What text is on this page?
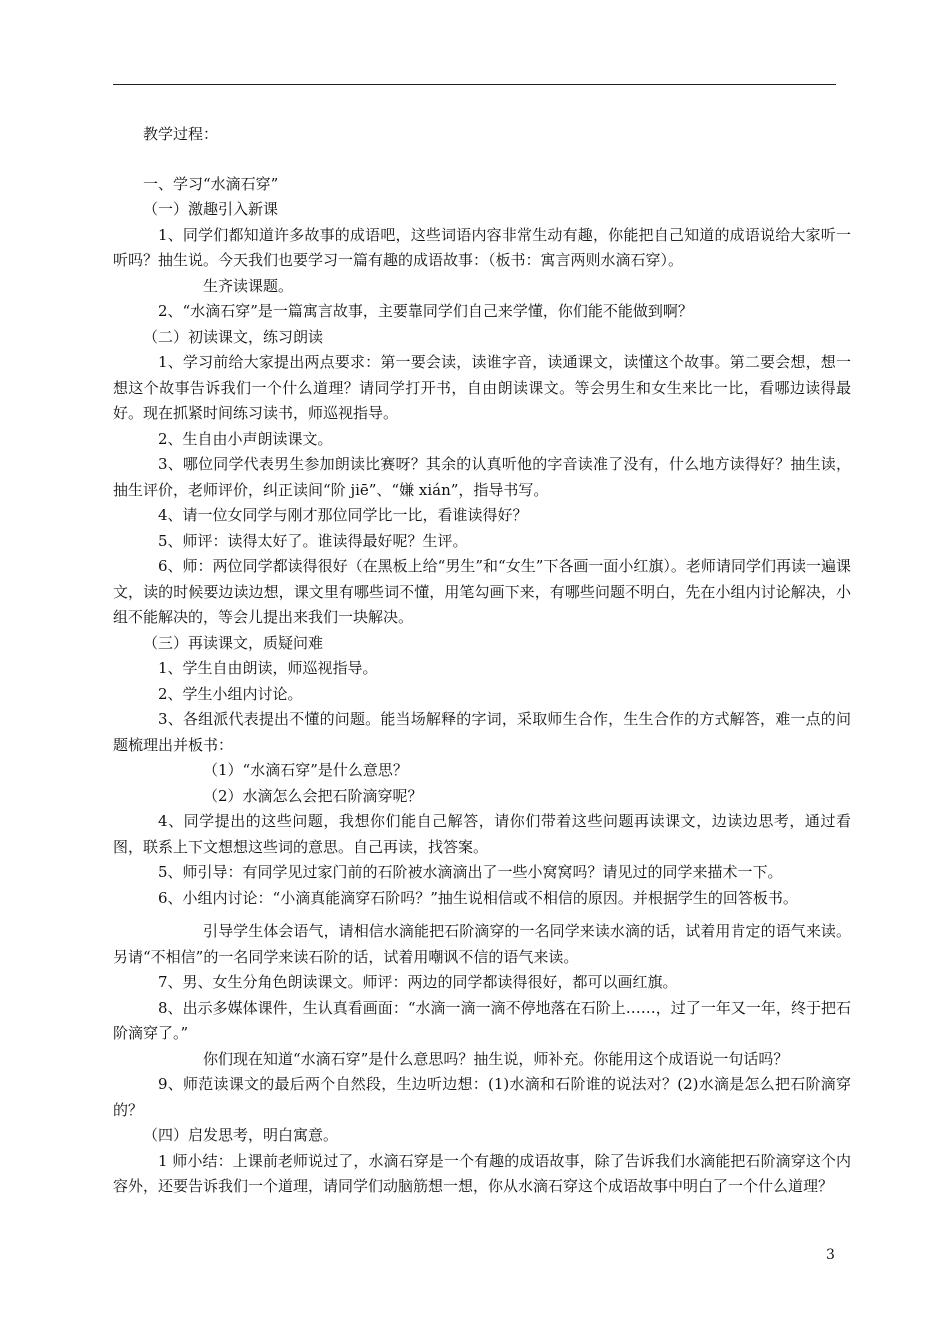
教学过程：

一、学习“水滴石穿”

（一）激趣引入新课

1、同学们都知道许多故事的成语吧，这些词语内容非常生动有趣，你能把自己知道的成语说给大家听一听吗？抽生说。今天我们也要学习一篇有趣的成语故事：（板书：寓言两则水滴石穿）。

生齐读课题。

2、“水滴石穿”是一篇寓言故事，主要靠同学们自己来学懂，你们能不能做到啊？

（二）初读课文，练习朗读

1、学习前给大家提出两点要求：第一要会读，读谁字音，读通课文，读懂这个故事。第二要会想，想一想这个故事告诉我们一个什么道理？请同学打开书，自由朗读课文。等会男生和女生来比一比，看哪边读得最好。现在抓紧时间练习读书，师巡视指导。

2、生自由小声朗读课文。

3、哪位同学代表男生参加朗读比赛呀？其余的认真听他的字音读准了没有，什么地方读得好？抽生读，抽生评价，老师评价，纠正读间“阶 jiē”、“嫌 xián”，指导书写。

4、请一位女同学与刚才那位同学比一比，看谁读得好？

5、师评：读得太好了。谁读得最好呢？生评。

6、师：两位同学都读得很好（在黑板上给“男生”和“女生”下各画一面小红旗）。老师请同学们再读一遍课文，读的时候要边读边想，课文里有哪些词不懂，用笔勾画下来，有哪些问题不明白，先在小组内讨论解决，小组不能解决的，等会儿提出来我们一块解决。

（三）再读课文，质疑问难

1、学生自由朗读，师巡视指导。

2、学生小组内讨论。

3、各组派代表提出不懂的问题。能当场解释的字词，采取师生合作，生生合作的方式解答，难一点的问题梳理出并板书：

（1）“水滴石穿”是什么意思？

（2）水滴怎么会把石阶滴穿呢？

4、同学提出的这些问题，我想你们能自己解答，请你们带着这些问题再读课文，边读边思考，通过看图，联系上下文想想这些词的意思。自己再读，找答案。

5、师引导：有同学见过家门前的石阶被水滴滴出了一些小窝窝吗？请见过的同学来描术一下。

6、小组内讨论：“小滴真能滴穿石阶吗？”抽生说相信或不相信的原因。并根据学生的回答板书。

引导学生体会语气，请相信水滴能把石阶滴穿的一名同学来读水滴的话，试着用肯定的语气来读。另请“不相信”的一名同学来读石阶的话，试着用嘲讽不信的语气来读。

7、男、女生分角色朗读课文。师评：两边的同学都读得很好，都可以画红旗。

8、出示多媒体课件，生认真看画面：“水滴一滴一滴不停地落在石阶上……，过了一年又一年，终于把石阶滴穿了。”

你们现在知道“水滴石穿”是什么意思吗？抽生说，师补充。你能用这个成语说一句话吗？

9、师范读课文的最后两个自然段，生边听边想：(1)水滴和石阶谁的说法对？(2)水滴是怎么把石阶滴穿的？

（四）启发思考，明白寓意。

1 师小结：上课前老师说过了，水滴石穿是一个有趣的成语故事，除了告诉我们水滴能把石阶滴穿这个内容外，还要告诉我们一个道理，请同学们动脑筋想一想，你从水滴石穿这个成语故事中明白了一个什么道理？

3
